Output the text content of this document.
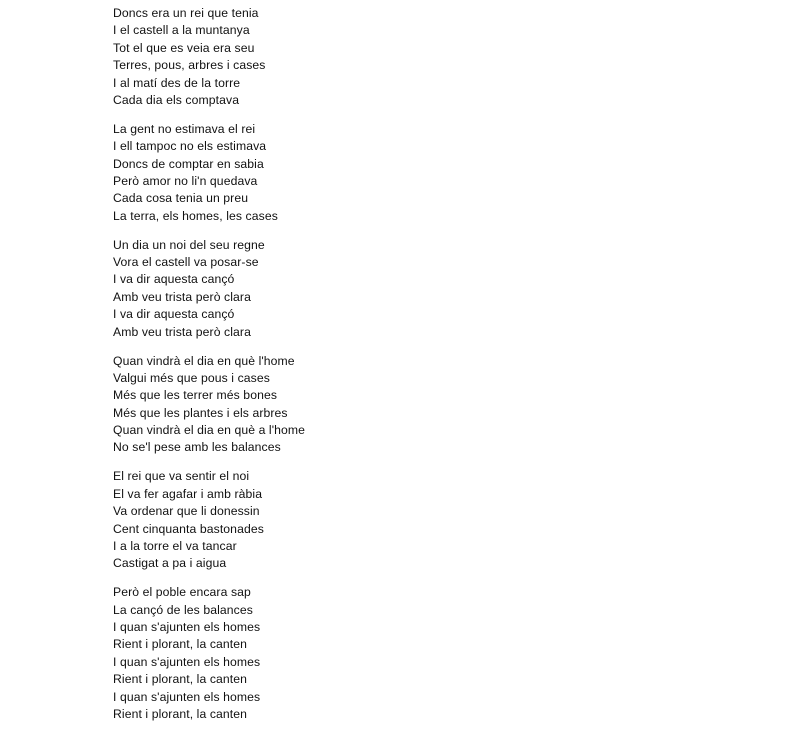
Doncs era un rei que tenia
I el castell a la muntanya
Tot el que es veia era seu
Terres, pous, arbres i cases
I al matí des de la torre
Cada dia els comptava
La gent no estimava el rei
I ell tampoc no els estimava
Doncs de comptar en sabia
Però amor no li'n quedava
Cada cosa tenia un preu
La terra, els homes, les cases
Un dia un noi del seu regne
Vora el castell va posar-se
I va dir aquesta cançó
Amb veu trista però clara
I va dir aquesta cançó
Amb veu trista però clara
Quan vindrà el dia en què l'home
Valgui més que pous i cases
Més que les terrer més bones
Més que les plantes i els arbres
Quan vindrà el dia en què a l'home
No se'l pese amb les balances
El rei que va sentir el noi
El va fer agafar i amb ràbia
Va ordenar que li donessin
Cent cinquanta bastonades
I a la torre el va tancar
Castigat a pa i aigua
Però el poble encara sap
La cançó de les balances
I quan s'ajunten els homes
Rient i plorant, la canten
I quan s'ajunten els homes
Rient i plorant, la canten
I quan s'ajunten els homes
Rient i plorant, la canten
